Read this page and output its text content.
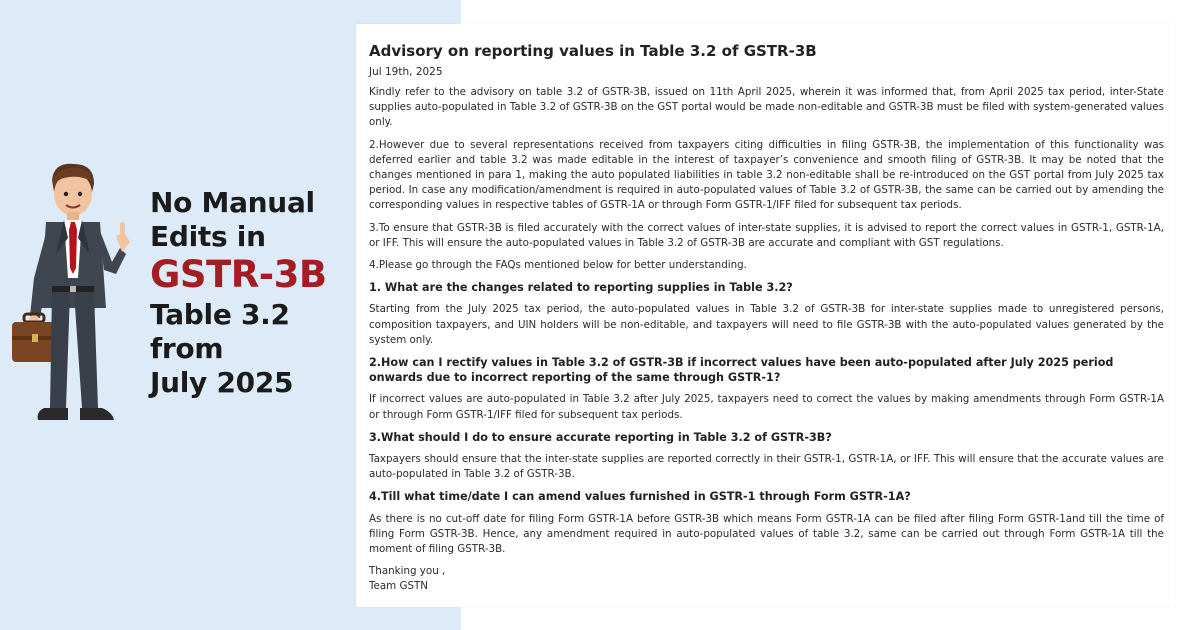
No Manual
Edits in
GSTR-3B
Table 3.2
from
July 2025
Advisory on reporting values in Table 3.2 of GSTR-3B
Jul 19th, 2025

Kindly refer to the advisory on table 3.2 of GSTR-3B, issued on 11th April 2025, wherein it was informed that, from April 2025 tax period, inter-State supplies auto-populated in Table 3.2 of GSTR-3B on the GST portal would be made non-editable and GSTR-3B must be filed with system-generated values only.

2.However due to several representations received from taxpayers citing difficulties in filing GSTR-3B, the implementation of this functionality was deferred earlier and table 3.2 was made editable in the interest of taxpayer’s convenience and smooth filing of GSTR-3B. It may be noted that the changes mentioned in para 1, making the auto populated liabilities in table 3.2 non-editable shall be re-introduced on the GST portal from July 2025 tax period. In case any modification/amendment is required in auto-populated values of Table 3.2 of GSTR-3B, the same can be carried out by amending the corresponding values in respective tables of GSTR-1A or through Form GSTR-1/IFF filed for subsequent tax periods.

3.To ensure that GSTR-3B is filed accurately with the correct values of inter-state supplies, it is advised to report the correct values in GSTR-1, GSTR-1A, or IFF. This will ensure the auto-populated values in Table 3.2 of GSTR-3B are accurate and compliant with GST regulations.

4.Please go through the FAQs mentioned below for better understanding.

1. What are the changes related to reporting supplies in Table 3.2?

Starting from the July 2025 tax period, the auto-populated values in Table 3.2 of GSTR-3B for inter-state supplies made to unregistered persons, composition taxpayers, and UIN holders will be non-editable, and taxpayers will need to file GSTR-3B with the auto-populated values generated by the system only.

2.How can I rectify values in Table 3.2 of GSTR-3B if incorrect values have been auto-populated after July 2025 period onwards due to incorrect reporting of the same through GSTR-1?

If incorrect values are auto-populated in Table 3.2 after July 2025, taxpayers need to correct the values by making amendments through Form GSTR-1A or through Form GSTR-1/IFF filed for subsequent tax periods.

3.What should I do to ensure accurate reporting in Table 3.2 of GSTR-3B?

Taxpayers should ensure that the inter-state supplies are reported correctly in their GSTR-1, GSTR-1A, or IFF. This will ensure that the accurate values are auto-populated in Table 3.2 of GSTR-3B.

4.Till what time/date I can amend values furnished in GSTR-1 through Form GSTR-1A?

As there is no cut-off date for filing Form GSTR-1A before GSTR-3B which means Form GSTR-1A can be filed after filing Form GSTR-1and till the time of filing Form GSTR-3B. Hence, any amendment required in auto-populated values of table 3.2, same can be carried out through Form GSTR-1A till the moment of filing GSTR-3B.

Thanking you ,
Team GSTN
